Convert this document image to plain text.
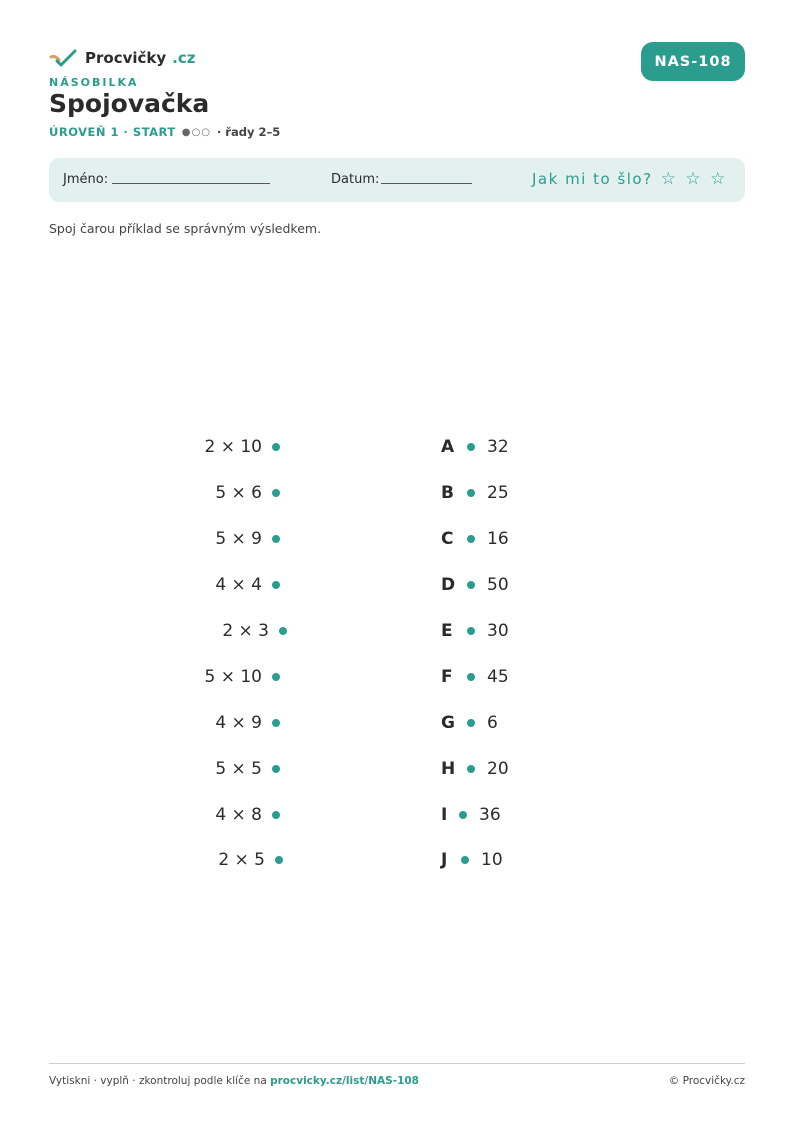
Procvičky .cz
NÁSOBILKA
Spojovačka
ÚROVEŇ 1 · START ●○○ · řady 2–5
NAS-108
Jméno:	Datum:	Jak mi to šlo? ☆ ☆ ☆
Spoj čarou příklad se správným výsledkem.
2 × 10
5 × 6
5 × 9
4 × 4
2 × 3
5 × 10
4 × 9
5 × 5
4 × 8
2 × 5
A	32
B	25
C	16
D	50
E	30
F	45
G	6
H	20
I	36
J	10
Vytiskni · vyplň · zkontroluj podle klíče na procvicky.cz/list/NAS-108	© Procvičky.cz
